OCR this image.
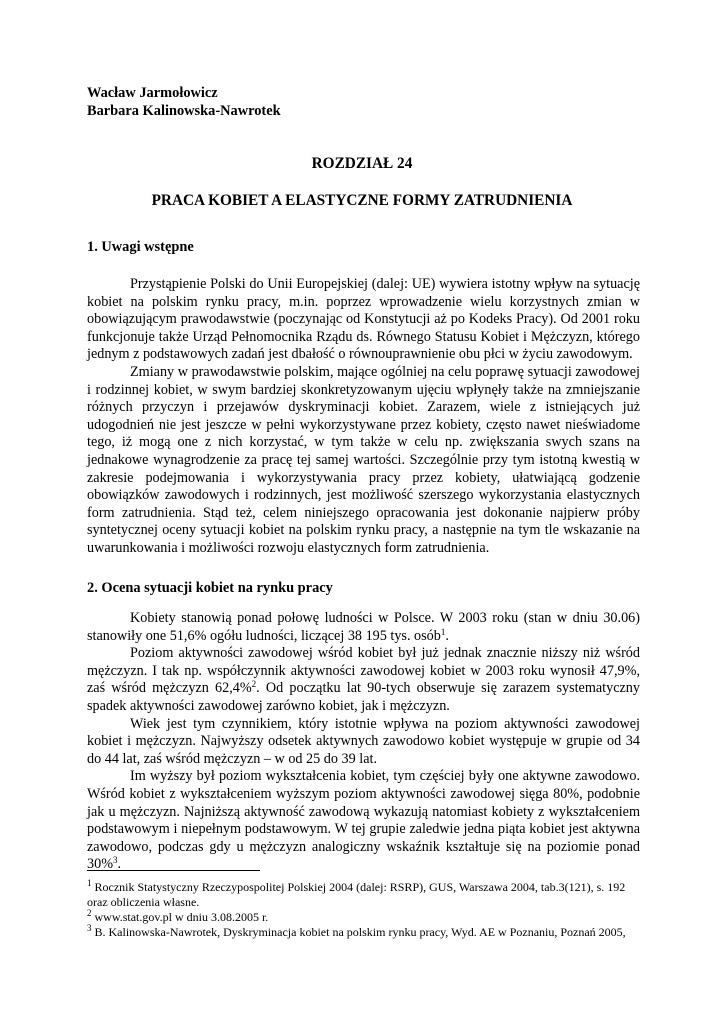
Wacław Jarmołowicz
Barbara Kalinowska-Nawrotek
ROZDZIAŁ 24
PRACA KOBIET A ELASTYCZNE FORMY ZATRUDNIENIA
1. Uwagi wstępne

Przystąpienie Polski do Unii Europejskiej (dalej: UE) wywiera istotny wpływ na sytuację kobiet na polskim rynku pracy, m.in. poprzez wprowadzenie wielu korzystnych zmian w obowiązującym prawodawstwie (poczynając od Konstytucji aż po Kodeks Pracy). Od 2001 roku funkcjonuje także Urząd Pełnomocnika Rządu ds. Równego Statusu Kobiet i Mężczyzn, którego jednym z podstawowych zadań jest dbałość o równouprawnienie obu płci w życiu zawodowym.

Zmiany w prawodawstwie polskim, mające ogólniej na celu poprawę sytuacji zawodowej i rodzinnej kobiet, w swym bardziej skonkretyzowanym ujęciu wpłynęły także na zmniejszanie różnych przyczyn i przejawów dyskryminacji kobiet. Zarazem, wiele z istniejących już udogodnień nie jest jeszcze w pełni wykorzystywane przez kobiety, często nawet nieświadome tego, iż mogą one z nich korzystać, w tym także w celu np. zwiększania swych szans na jednakowe wynagrodzenie za pracę tej samej wartości. Szczególnie przy tym istotną kwestią w zakresie podejmowania i wykorzystywania pracy przez kobiety, ułatwiającą godzenie obowiązków zawodowych i rodzinnych, jest możliwość szerszego wykorzystania elastycznych form zatrudnienia. Stąd też, celem niniejszego opracowania jest dokonanie najpierw próby syntetycznej oceny sytuacji kobiet na polskim rynku pracy, a następnie na tym tle wskazanie na uwarunkowania i możliwości rozwoju elastycznych form zatrudnienia.

2. Ocena sytuacji kobiet na rynku pracy

Kobiety stanowią ponad połowę ludności w Polsce. W 2003 roku (stan w dniu 30.06) stanowiły one 51,6% ogółu ludności, liczącej 38 195 tys. osób$^1$.

Poziom aktywności zawodowej wśród kobiet był już jednak znacznie niższy niż wśród mężczyzn. I tak np. współczynnik aktywności zawodowej kobiet w 2003 roku wynosił 47,9%, zaś wśród mężczyzn 62,4%$^2$. Od początku lat 90-tych obserwuje się zarazem systematyczny spadek aktywności zawodowej zarówno kobiet, jak i mężczyzn.

Wiek jest tym czynnikiem, który istotnie wpływa na poziom aktywności zawodowej kobiet i mężczyzn. Najwyższy odsetek aktywnych zawodowo kobiet występuje w grupie od 34 do 44 lat, zaś wśród mężczyzn – w od 25 do 39 lat.

Im wyższy był poziom wykształcenia kobiet, tym częściej były one aktywne zawodowo. Wśród kobiet z wykształceniem wyższym poziom aktywności zawodowej sięga 80%, podobnie jak u mężczyzn. Najniższą aktywność zawodową wykazują natomiast kobiety z wykształceniem podstawowym i niepełnym podstawowym. W tej grupie zaledwie jedna piąta kobiet jest aktywna zawodowo, podczas gdy u mężczyzn analogiczny wskaźnik kształtuje się na poziomie ponad 30%$^3$.

$^1$ Rocznik Statystyczny Rzeczypospolitej Polskiej 2004 (dalej: RSRP), GUS, Warszawa 2004, tab.3(121), s. 192 oraz obliczenia własne.

$^2$ www.stat.gov.pl w dniu 3.08.2005 r.

$^3$ B. Kalinowska-Nawrotek, Dyskryminacja kobiet na polskim rynku pracy, Wyd. AE w Poznaniu, Poznań 2005,
